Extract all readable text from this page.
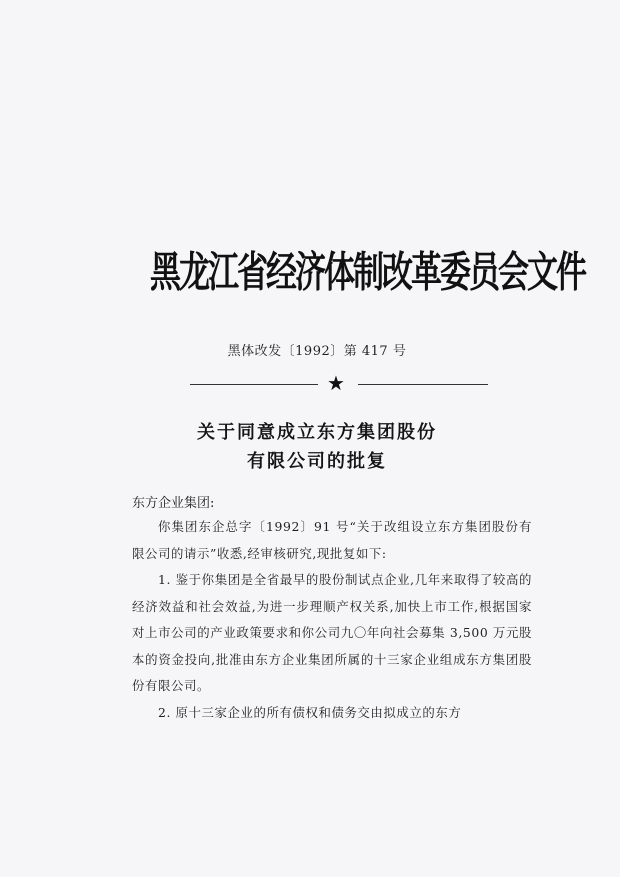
黑龙江省经济体制改革委员会文件
黑体改发〔1992〕第 417 号
★
关于同意成立东方集团股份
有限公司的批复
东方企业集团:

你集团东企总字〔1992〕91 号“关于改组设立东方集团股份有限公司的请示”收悉,经审核研究,现批复如下:

1. 鉴于你集团是全省最早的股份制试点企业,几年来取得了较高的经济效益和社会效益,为进一步理顺产权关系,加快上市工作,根据国家对上市公司的产业政策要求和你公司九〇年向社会募集 3,500 万元股本的资金投向,批准由东方企业集团所属的十三家企业组成东方集团股份有限公司。

2. 原十三家企业的所有债权和债务交由拟成立的东方
